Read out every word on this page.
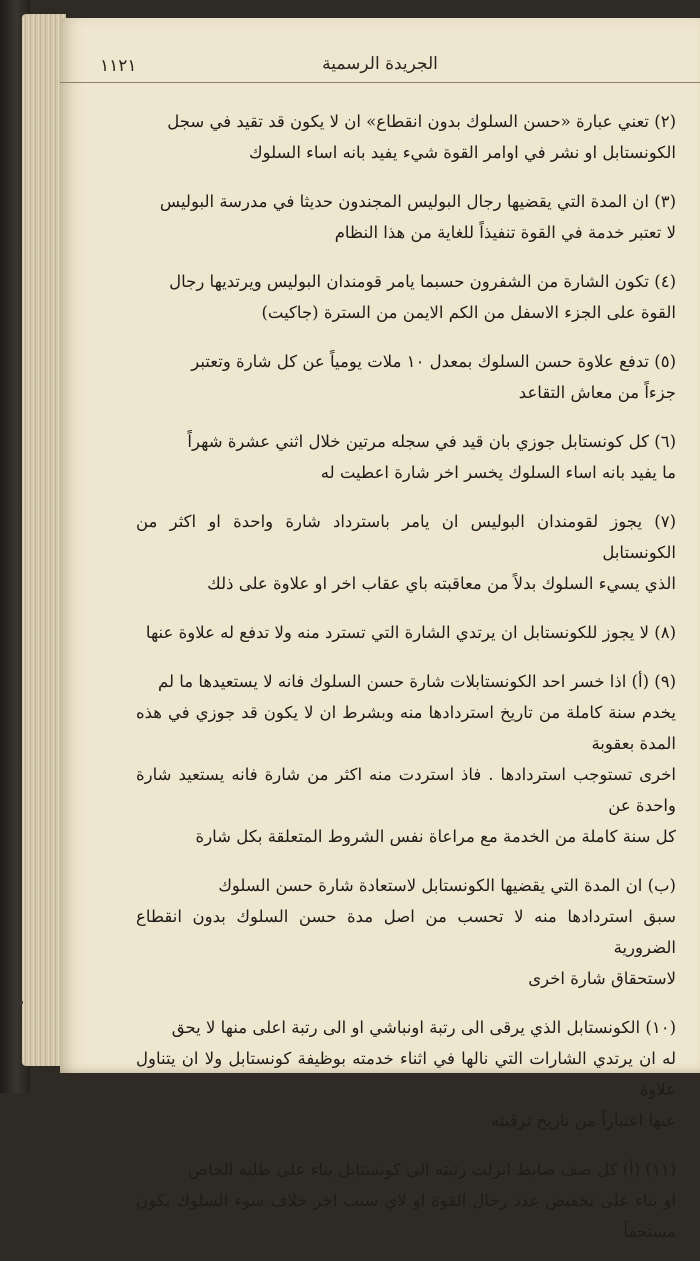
١١٢١	الجريدة الرسمية

(٢) تعني عبارة «حسن السلوك بدون انقطاع» ان لا يكون قد تقيد في سجل
الكونستابل او نشر في اوامر القوة شيء يفيد بانه اساء السلوك

(٣) ان المدة التي يقضيها رجال البوليس المجندون حديثا في مدرسة البوليس
لا تعتبر خدمة في القوة تنفيذاً للغاية من هذا النظام

(٤) تكون الشارة من الشفرون حسبما يامر قومندان البوليس ويرتديها رجال
القوة على الجزء الاسفل من الكم الايمن من السترة (جاكيت)

(٥) تدفع علاوة حسن السلوك بمعدل ١٠ ملات يومياً عن كل شارة وتعتبر
جزءاً من معاش التقاعد

(٦) كل كونستابل جوزي بان قيد في سجله مرتين خلال اثني عشرة شهراً
ما يفيد بانه اساء السلوك يخسر اخر شارة اعطيت له

(٧) يجوز لقومندان البوليس ان يامر باسترداد شارة واحدة او اكثر من الكونستابل
الذي يسيء السلوك بدلاً من معاقبته باي عقاب اخر او علاوة على ذلك

(٨) لا يجوز للكونستابل ان يرتدي الشارة التي تسترد منه ولا تدفع له علاوة عنها

(٩) (أ) اذا خسر احد الكونستابلات شارة حسن السلوك فانه لا يستعيدها ما لم
يخدم سنة كاملة من تاريخ استردادها منه وبشرط ان لا يكون قد جوزي في هذه المدة بعقوبة
اخرى تستوجب استردادها . فاذ استردت منه اكثر من شارة فانه يستعيد شارة واحدة عن
كل سنة كاملة من الخدمة مع مراعاة نفس الشروط المتعلقة بكل شارة

(ب) ان المدة التي يقضيها الكونستابل لاستعادة شارة حسن السلوك
سبق استردادها منه لا تحسب من اصل مدة حسن السلوك بدون انقطاع الضرورية
لاستحقاق شارة اخرى

(١٠) الكونستابل الذي يرقى الى رتبة اونباشي او الى رتبة اعلى منها لا يحق
له ان يرتدي الشارات التي نالها في اثناء خدمته بوظيفة كونستابل ولا ان يتناول علاوة
عنها اعتباراً من تاريخ ترقيته

(١١) (أ) كل صف ضابط انزلت رتبته الى كونستابل بناء على طلبه الخاص
او بناء على تخفيض عدد رجال القوة او لاي سبب اخر خلاف سوء السلوك يكون مستحقاً
